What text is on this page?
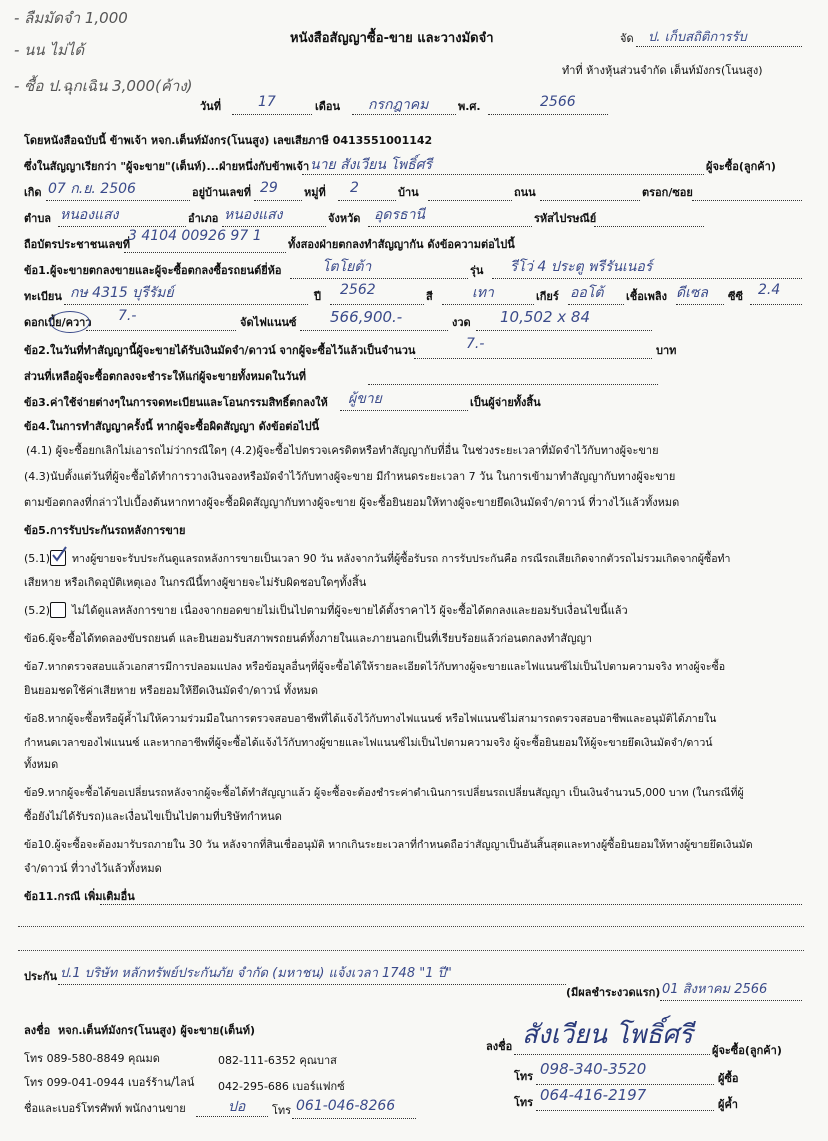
- ลืมมัดจำ 1,000
- นน ไม่ได้
- ซื้อ ป.ฉุกเฉิน 3,000(ค้าง)
หนังสือสัญญาซื้อ-ขาย และวางมัดจำ	จัด ป. เก็บสถิติการรับ
ทำที่ ห้างหุ้นส่วนจำกัด เต็นท์มังกร(โนนสูง)
วันที่	17	เดือน กรกฎาคม	พ.ศ.	2566
โดยหนังสือฉบับนี้ ข้าพเจ้า หจก.เต็นท์มังกร(โนนสูง) เลขเสียภาษี 0413551001142
ซึ่งในสัญญาเรียกว่า "ผู้จะขาย"(เต็นท์)...ฝ่ายหนึ่งกับข้าพเจ้า นาย สังเวียน โพธิ์ศรี	ผู้จะซื้อ(ลูกค้า)
เกิด 07 ก.ย. 2506	อยู่บ้านเลขที่ 29 หมู่ที่ 2	บ้าน	ถนน	ตรอก/ซอย
ตำบล หนองแสง	อำเภอ หนองแสง	จังหวัด อุดรธานี	รหัสไปรษณีย์
ถือบัตรประชาชนเลขที่
3 4104 00926 97 1
ทั้งสองฝ่ายตกลงทำสัญญากัน ดังข้อความต่อไปนี้
ข้อ1.ผู้จะขายตกลงขายและผู้จะซื้อตกลงซื้อรถยนต์ยี่ห้อ	โตโยต้า	รุ่น รีโว่ 4 ประตู พรีรันเนอร์
ทะเบียน กษ 4315 บุรีรัมย์	ปี 2562	สี	เทา	เกียร์ ออโต้ เชื้อเพลิง ดีเซล ซีซี 2.4
ดอกเบี้ย/ควาว 7.-	จัดไฟแนนซ์ 566,900.-	งวด 10,502 x 84
ข้อ2.ในวันที่ทำสัญญานี้ผู้จะขายได้รับเงินมัดจำ/ดาวน์ จากผู้จะซื้อไว้แล้วเป็นจำนวน	7.-	บาท
ส่วนที่เหลือผู้จะซื้อตกลงจะชำระให้แก่ผู้จะขายทั้งหมดในวันที่
ข้อ3.ค่าใช้จ่ายต่างๆในการจดทะเบียนและโอนกรรมสิทธิ์ตกลงให้ ผู้ขาย	เป็นผู้จ่ายทั้งสิ้น
ข้อ4.ในการทำสัญญาครั้งนี้ หากผู้จะซื้อผิดสัญญา ดังข้อต่อไปนี้
(4.1) ผู้จะซื้อยกเลิกไม่เอารถไม่ว่ากรณีใดๆ (4.2)ผู้จะซื้อไปตรวจเครดิตหรือทำสัญญากับที่อื่น ในช่วงระยะเวลาที่มัดจำไว้กับทางผู้จะขาย
(4.3)นับตั้งแต่วันที่ผู้จะซื้อได้ทำการวางเงินจองหรือมัดจำไว้กับทางผู้จะขาย มีกำหนดระยะเวลา 7 วัน ในการเข้ามาทำสัญญากับทางผู้จะขาย
ตามข้อตกลงที่กล่าวไปเบื้องต้นหากทางผู้จะซื้อผิดสัญญากับทางผู้จะขาย ผู้จะซื้อยินยอมให้ทางผู้จะขายยึดเงินมัดจำ/ดาวน์ ที่วางไว้แล้วทั้งหมด
ข้อ5.การรับประกันรถหลังการขาย
(5.1) ทางผู้ขายจะรับประกันดูแลรถหลังการขายเป็นเวลา 90 วัน หลังจากวันที่ผู้ซื้อรับรถ การรับประกันคือ กรณีรถเสียเกิดจากตัวรถไม่รวมเกิดจากผู้ซื้อทำ
เสียหาย หรือเกิดอุบัติเหตุเอง ในกรณีนี้ทางผู้ขายจะไม่รับผิดชอบใดๆทั้งสิ้น
(5.2) ไม่ได้ดูแลหลังการขาย เนื่องจากยอดขายไม่เป็นไปตามที่ผู้จะขายได้ตั้งราคาไว้ ผู้จะซื้อได้ตกลงและยอมรับเงื่อนไขนี้แล้ว
ข้อ6.ผู้จะซื้อได้ทดลองขับรถยนต์ และยินยอมรับสภาพรถยนต์ทั้งภายในและภายนอกเป็นที่เรียบร้อยแล้วก่อนตกลงทำสัญญา
ข้อ7.หากตรวจสอบแล้วเอกสารมีการปลอมแปลง หรือข้อมูลอื่นๆที่ผู้จะซื้อได้ให้รายละเอียดไว้กับทางผู้จะขายและไฟแนนซ์ไม่เป็นไปตามความจริง ทางผู้จะซื้อ
ยินยอมชดใช้ค่าเสียหาย หรือยอมให้ยึดเงินมัดจำ/ดาวน์ ทั้งหมด
ข้อ8.หากผู้จะซื้อหรือผู้ค้ำไม่ให้ความร่วมมือในการตรวจสอบอาชีพที่ได้แจ้งไว้กับทางไฟแนนซ์ หรือไฟแนนซ์ไม่สามารถตรวจสอบอาชีพและอนุมัติได้ภายใน
กำหนดเวลาของไฟแนนซ์ และหากอาชีพที่ผู้จะซื้อได้แจ้งไว้กับทางผู้ขายและไฟแนนซ์ไม่เป็นไปตามความจริง ผู้จะซื้อยินยอมให้ผู้จะขายยึดเงินมัดจำ/ดาวน์
ทั้งหมด
ข้อ9.หากผู้จะซื้อได้ขอเปลี่ยนรถหลังจากผู้จะซื้อได้ทำสัญญาแล้ว ผู้จะซื้อจะต้องชำระค่าดำเนินการเปลี่ยนรถเปลี่ยนสัญญา เป็นเงินจำนวน5,000 บาท (ในกรณีที่ผู้
ซื้อยังไม่ได้รับรถ)และเงื่อนไขเป็นไปตามที่บริษัทกำหนด
ข้อ10.ผู้จะซื้อจะต้องมารับรถภายใน 30 วัน หลังจากที่สินเชื่ออนุมัติ หากเกินระยะเวลาที่กำหนดถือว่าสัญญาเป็นอันสิ้นสุดและทางผู้ซื้อยินยอมให้ทางผู้ขายยึดเงินมัด
จำ/ดาวน์ ที่วางไว้แล้วทั้งหมด
ข้อ11.กรณี เพิ่มเติมอื่น
ประกัน ป.1 บริษัท หลักทรัพย์ประกันภัย จำกัด (มหาชน) แจ้งเวลา 1748 "1 ปี"
(มีผลชำระงวดแรก) 01 สิงหาคม 2566
ลงชื่อ หจก.เต็นท์มังกร(โนนสูง) ผู้จะขาย(เต็นท์)
โทร 089-580-8849 คุณมด	082-111-6352 คุณบาส
โทร 099-041-0944 เบอร์ร้าน/ไลน์ 042-295-686 เบอร์แฟกซ์
ชื่อและเบอร์โทรศัพท์ พนักงานขาย	ปอ โทร 061-046-8266
ลงชื่อ สังเวียน โพธิ์ศรี
ผู้จะซื้อ(ลูกค้า)
โทร 098-340-3520
ผู้ซื้อ
โทร 064-416-2197
ผู้ค้ำ
